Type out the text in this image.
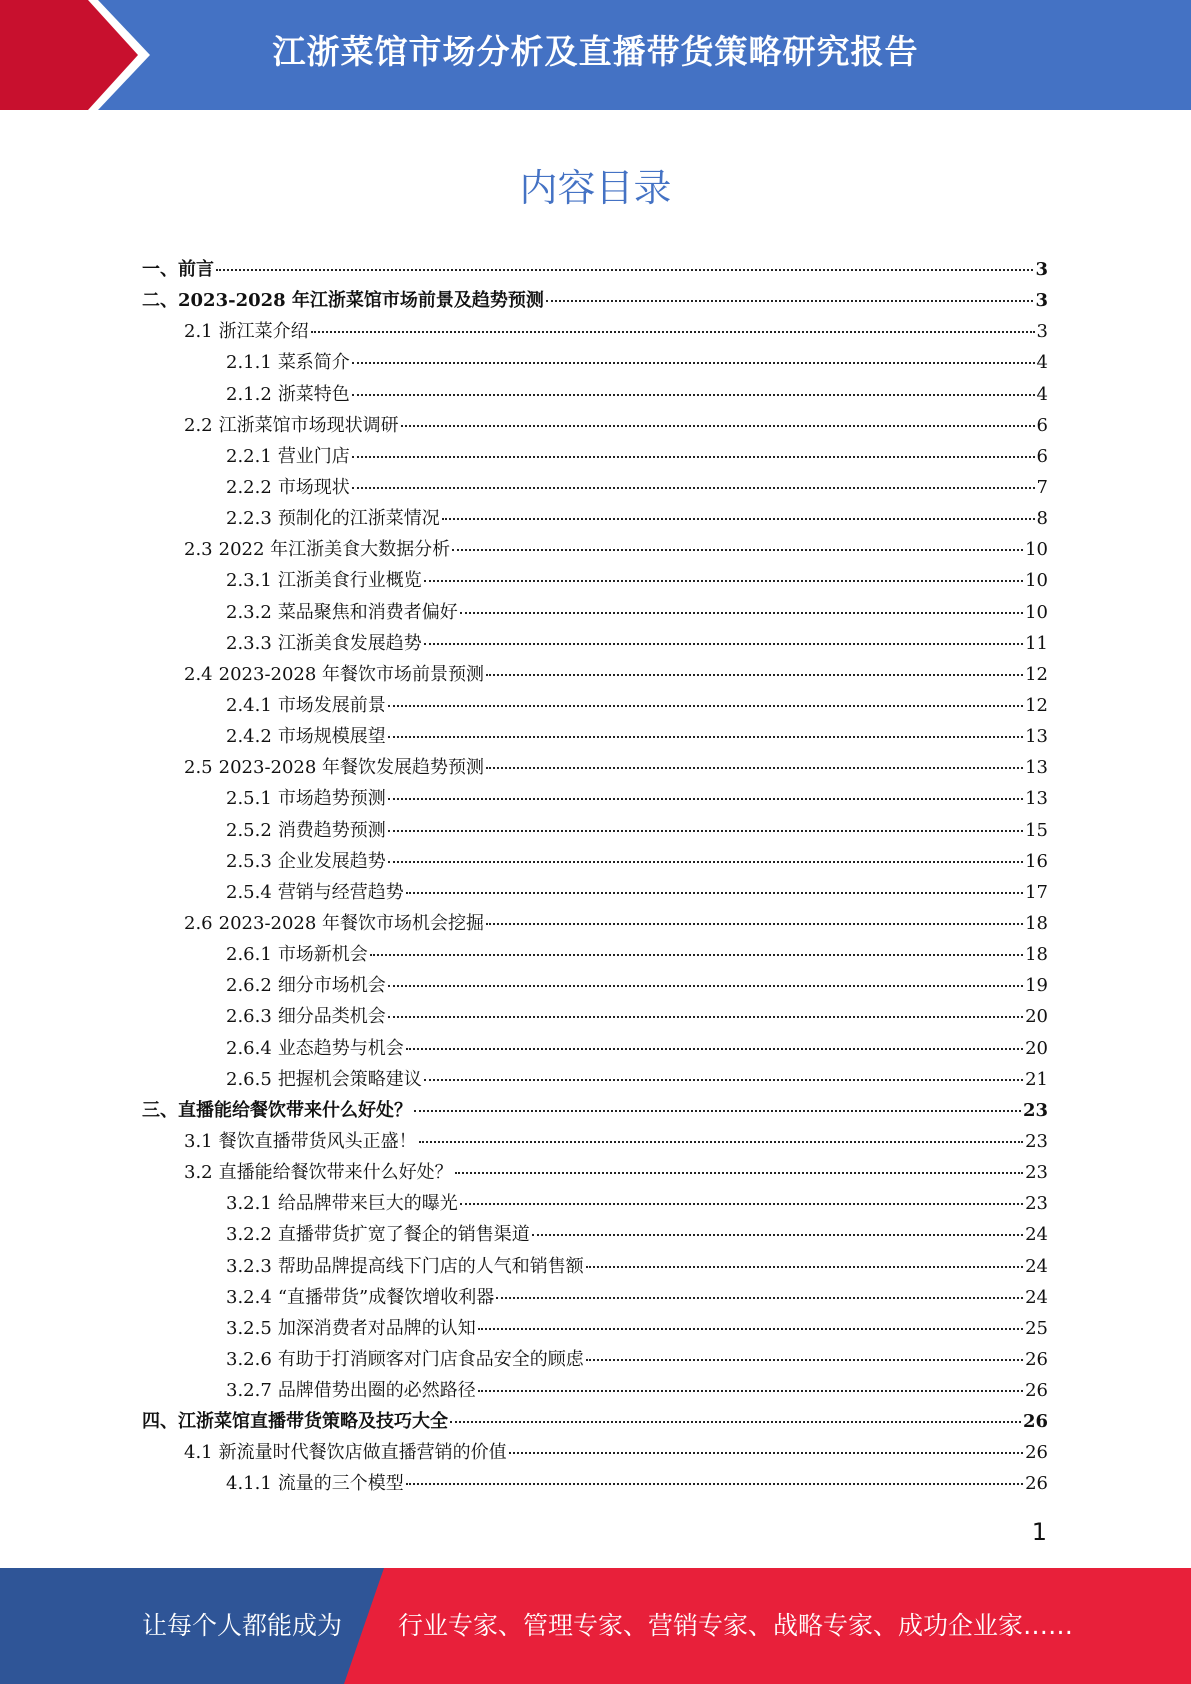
江浙菜馆市场分析及直播带货策略研究报告
内容目录
一、 前言	3
二、 2023-2028 年江浙菜馆市场前景及趋势预测	3
2.1 浙江菜介绍	3
2.1.1 菜系简介	4
2.1.2 浙菜特色	4
2.2 江浙菜馆市场现状调研	6
2.2.1 营业门店	6
2.2.2 市场现状	7
2.2.3 预制化的江浙菜情况	8
2.3 2022 年江浙美食大数据分析	10
2.3.1 江浙美食行业概览	10
2.3.2 菜品聚焦和消费者偏好	10
2.3.3 江浙美食发展趋势	11
2.4 2023-2028 年餐饮市场前景预测	12
2.4.1 市场发展前景	12
2.4.2 市场规模展望	13
2.5 2023-2028 年餐饮发展趋势预测	13
2.5.1 市场趋势预测	13
2.5.2 消费趋势预测	15
2.5.3 企业发展趋势	16
2.5.4 营销与经营趋势	17
2.6 2023-2028 年餐饮市场机会挖掘	18
2.6.1 市场新机会	18
2.6.2 细分市场机会	19
2.6.3 细分品类机会	20
2.6.4 业态趋势与机会	20
2.6.5 把握机会策略建议	21
三、 直播能给餐饮带来什么好处？	23
3.1 餐饮直播带货风头正盛！	23
3.2 直播能给餐饮带来什么好处？	23
3.2.1 给品牌带来巨大的曝光	23
3.2.2 直播带货扩宽了餐企的销售渠道	24
3.2.3 帮助品牌提高线下门店的人气和销售额	24
3.2.4 “直播带货”成餐饮增收利器	24
3.2.5 加深消费者对品牌的认知	25
3.2.6 有助于打消顾客对门店食品安全的顾虑	26
3.2.7 品牌借势出圈的必然路径	26
四、 江浙菜馆直播带货策略及技巧大全	26
4.1 新流量时代餐饮店做直播营销的价值	26
4.1.1 流量的三个模型	26
1
让每个人都能成为 行业专家、管理专家、营销专家、战略专家、成功企业家……
